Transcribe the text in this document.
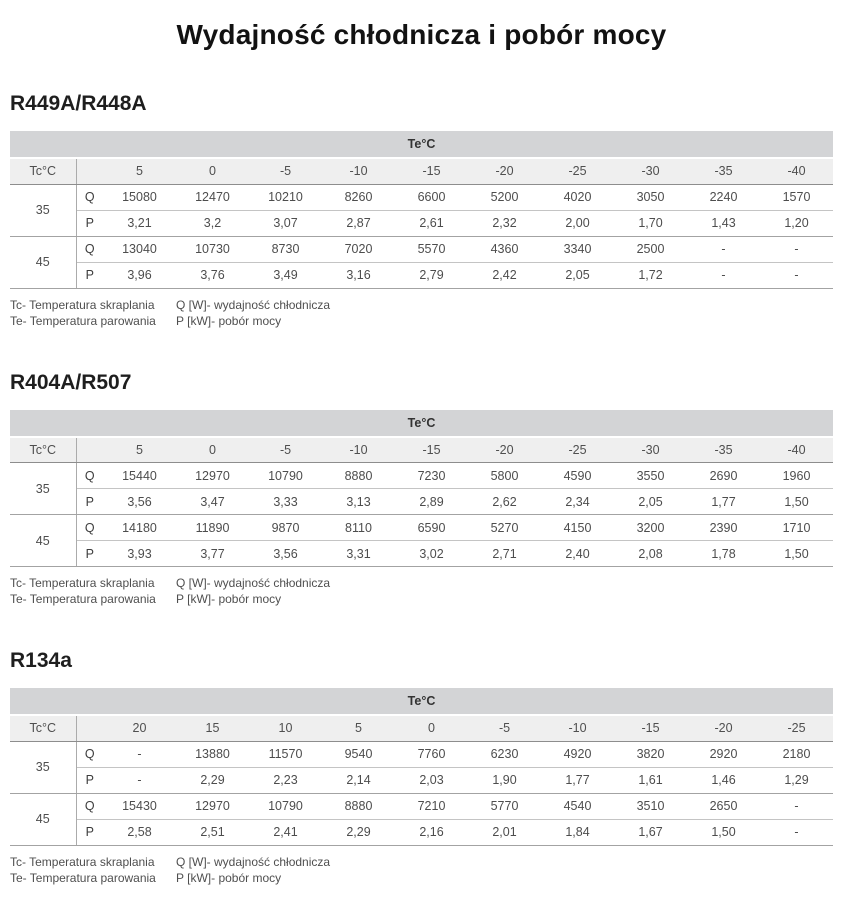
Wydajność chłodnicza i pobór mocy
R449A/R448A
Te°C											
Tc°C		5	0	-5	-10	-15	-20	-25	-30	-35	-40
35	Q	15080	12470	10210	8260	6600	5200	4020	3050	2240	1570
	P	3,21	3,2	3,07	2,87	2,61	2,32	2,00	1,70	1,43	1,20
45	Q	13040	10730	8730	7020	5570	4360	3340	2500	-	-
	P	3,96	3,76	3,49	3,16	2,79	2,42	2,05	1,72	-	-
Tc- Temperatura skraplania	Q [W]- wydajność chłodnicza
Te- Temperatura parowania	P [kW]- pobór mocy
R404A/R507
Te°C											
Tc°C		5	0	-5	-10	-15	-20	-25	-30	-35	-40
35	Q	15440	12970	10790	8880	7230	5800	4590	3550	2690	1960
	P	3,56	3,47	3,33	3,13	2,89	2,62	2,34	2,05	1,77	1,50
45	Q	14180	11890	9870	8110	6590	5270	4150	3200	2390	1710
	P	3,93	3,77	3,56	3,31	3,02	2,71	2,40	2,08	1,78	1,50
Tc- Temperatura skraplania	Q [W]- wydajność chłodnicza
Te- Temperatura parowania	P [kW]- pobór mocy
R134a
Te°C											
Tc°C		20	15	10	5	0	-5	-10	-15	-20	-25
35	Q	-	13880	11570	9540	7760	6230	4920	3820	2920	2180
	P	-	2,29	2,23	2,14	2,03	1,90	1,77	1,61	1,46	1,29
45	Q	15430	12970	10790	8880	7210	5770	4540	3510	2650	-
	P	2,58	2,51	2,41	2,29	2,16	2,01	1,84	1,67	1,50	-
Tc- Temperatura skraplania	Q [W]- wydajność chłodnicza
Te- Temperatura parowania	P [kW]- pobór mocy
